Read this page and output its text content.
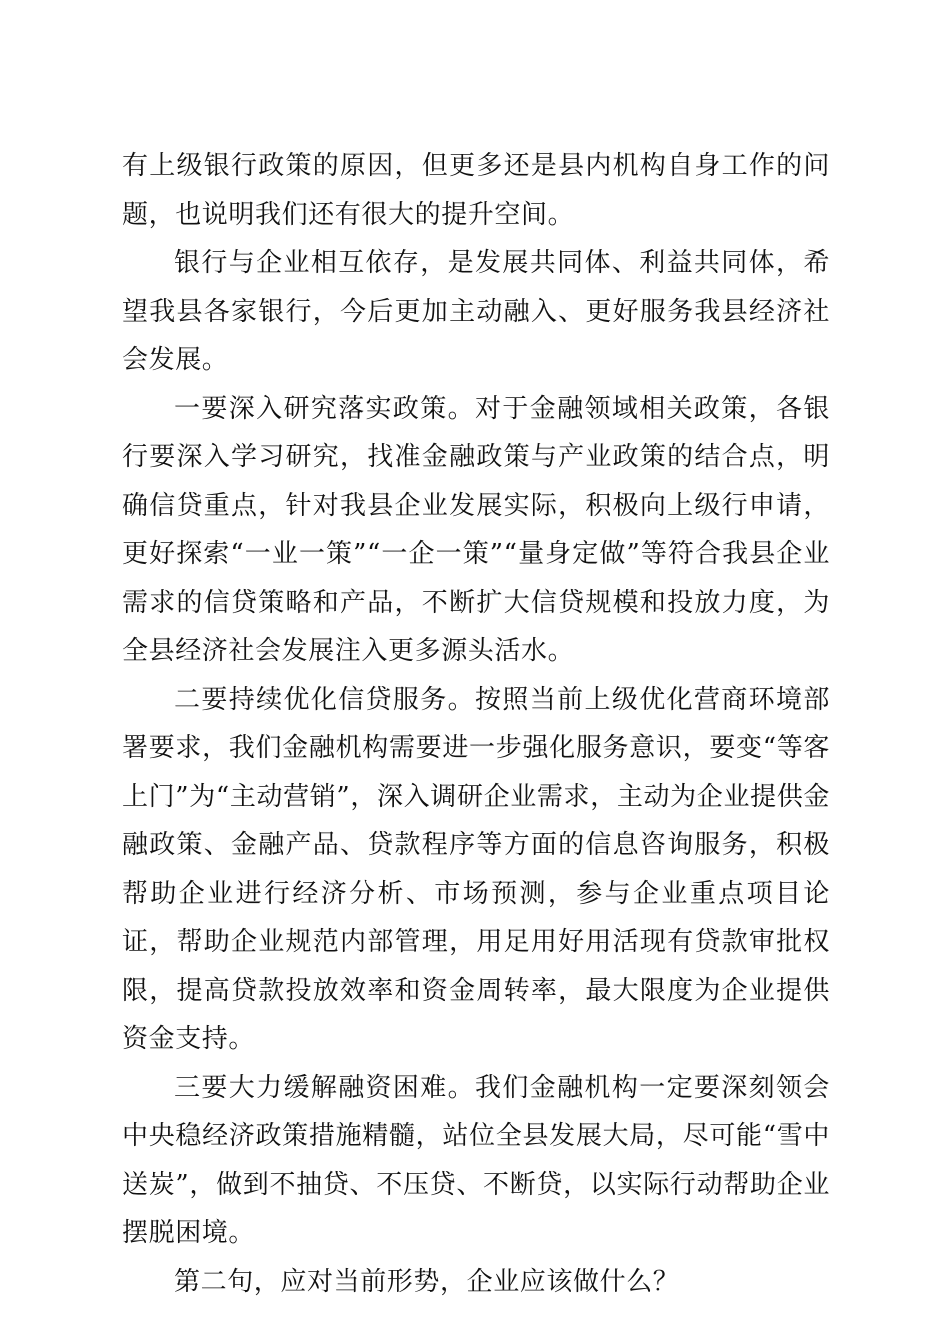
有上级银行政策的原因，但更多还是县内机构自身工作的问题，也说明我们还有很大的提升空间。

银行与企业相互依存，是发展共同体、利益共同体，希望我县各家银行，今后更加主动融入、更好服务我县经济社会发展。

一要深入研究落实政策。对于金融领域相关政策，各银行要深入学习研究，找准金融政策与产业政策的结合点，明确信贷重点，针对我县企业发展实际，积极向上级行申请，更好探索“一业一策”“一企一策”“量身定做”等符合我县企业需求的信贷策略和产品，不断扩大信贷规模和投放力度，为全县经济社会发展注入更多源头活水。

二要持续优化信贷服务。按照当前上级优化营商环境部署要求，我们金融机构需要进一步强化服务意识，要变“等客上门”为“主动营销”，深入调研企业需求，主动为企业提供金融政策、金融产品、贷款程序等方面的信息咨询服务，积极帮助企业进行经济分析、市场预测，参与企业重点项目论证，帮助企业规范内部管理，用足用好用活现有贷款审批权限，提高贷款投放效率和资金周转率，最大限度为企业提供资金支持。

三要大力缓解融资困难。我们金融机构一定要深刻领会中央稳经济政策措施精髓，站位全县发展大局，尽可能“雪中送炭”，做到不抽贷、不压贷、不断贷，以实际行动帮助企业摆脱困境。

第二句，应对当前形势，企业应该做什么？
